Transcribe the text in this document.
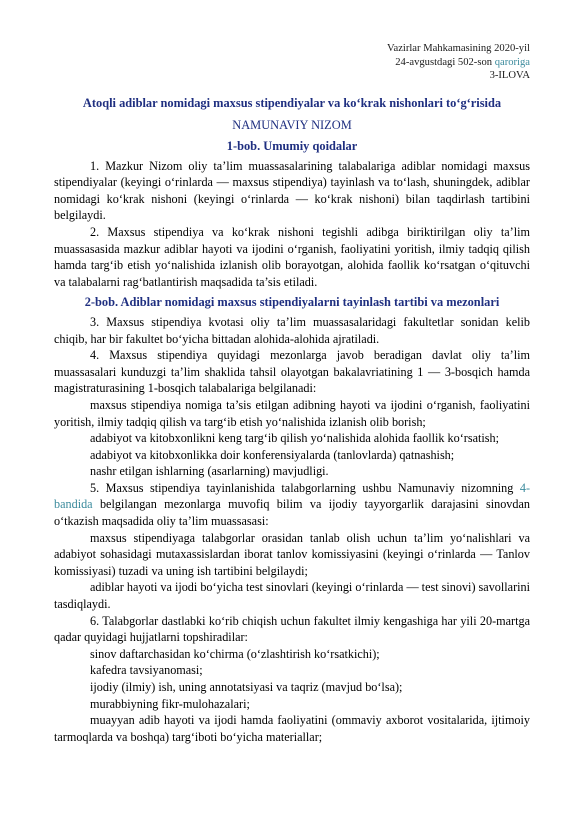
Vazirlar Mahkamasining 2020-yil
24-avgustdagi 502-son qaroriga
3-ILOVA
Atoqli adiblar nomidagi maxsus stipendiyalar va ko‘krak nishonlari to‘g‘risida
NAMUNAVIY NIZOM

1-bob. Umumiy qoidalar

1. Mazkur Nizom oliy ta’lim muassasalarining talabalariga adiblar nomidagi maxsus stipendiyalar (keyingi o‘rinlarda — maxsus stipendiya) tayinlash va to‘lash, shuningdek, adiblar nomidagi ko‘krak nishoni (keyingi o‘rinlarda — ko‘krak nishoni) bilan taqdirlash tartibini belgilaydi.

2. Maxsus stipendiya va ko‘krak nishoni tegishli adibga biriktirilgan oliy ta’lim muassasasida mazkur adiblar hayoti va ijodini o‘rganish, faoliyatini yoritish, ilmiy tadqiq qilish hamda targ‘ib etish yo‘nalishida izlanish olib borayotgan, alohida faollik ko‘rsatgan o‘qituvchi va talabalarni rag‘batlantirish maqsadida ta’sis etiladi.

2-bob. Adiblar nomidagi maxsus stipendiyalarni tayinlash tartibi va mezonlari

3. Maxsus stipendiya kvotasi oliy ta’lim muassasalaridagi fakultetlar sonidan kelib chiqib, har bir fakultet bo‘yicha bittadan alohida-alohida ajratiladi.

4. Maxsus stipendiya quyidagi mezonlarga javob beradigan davlat oliy ta’lim muassasalari kunduzgi ta’lim shaklida tahsil olayotgan bakalavriatining 1 — 3-bosqich hamda magistraturasining 1-bosqich talabalariga belgilanadi:

maxsus stipendiya nomiga ta’sis etilgan adibning hayoti va ijodini o‘rganish, faoliyatini yoritish, ilmiy tadqiq qilish va targ‘ib etish yo‘nalishida izlanish olib borish;

adabiyot va kitobxonlikni keng targ‘ib qilish yo‘nalishida alohida faollik ko‘rsatish;

adabiyot va kitobxonlikka doir konferensiyalarda (tanlovlarda) qatnashish;

nashr etilgan ishlarning (asarlarning) mavjudligi.

5. Maxsus stipendiya tayinlanishida talabgorlarning ushbu Namunaviy nizomning 4-bandida belgilangan mezonlarga muvofiq bilim va ijodiy tayyorgarlik darajasini sinovdan o‘tkazish maqsadida oliy ta’lim muassasasi:

maxsus stipendiyaga talabgorlar orasidan tanlab olish uchun ta’lim yo‘nalishlari va adabiyot sohasidagi mutaxassislardan iborat tanlov komissiyasini (keyingi o‘rinlarda — Tanlov komissiyasi) tuzadi va uning ish tartibini belgilaydi;

adiblar hayoti va ijodi bo‘yicha test sinovlari (keyingi o‘rinlarda — test sinovi) savollarini tasdiqlaydi.

6. Talabgorlar dastlabki ko‘rib chiqish uchun fakultet ilmiy kengashiga har yili 20-martga qadar quyidagi hujjatlarni topshiradilar:

sinov daftarchasidan ko‘chirma (o‘zlashtirish ko‘rsatkichi);

kafedra tavsiyanomasi;

ijodiy (ilmiy) ish, uning annotatsiyasi va taqriz (mavjud bo‘lsa);

murabbiyning fikr-mulohazalari;

muayyan adib hayoti va ijodi hamda faoliyatini (ommaviy axborot vositalarida, ijtimoiy tarmoqlarda va boshqa) targ‘iboti bo‘yicha materiallar;
